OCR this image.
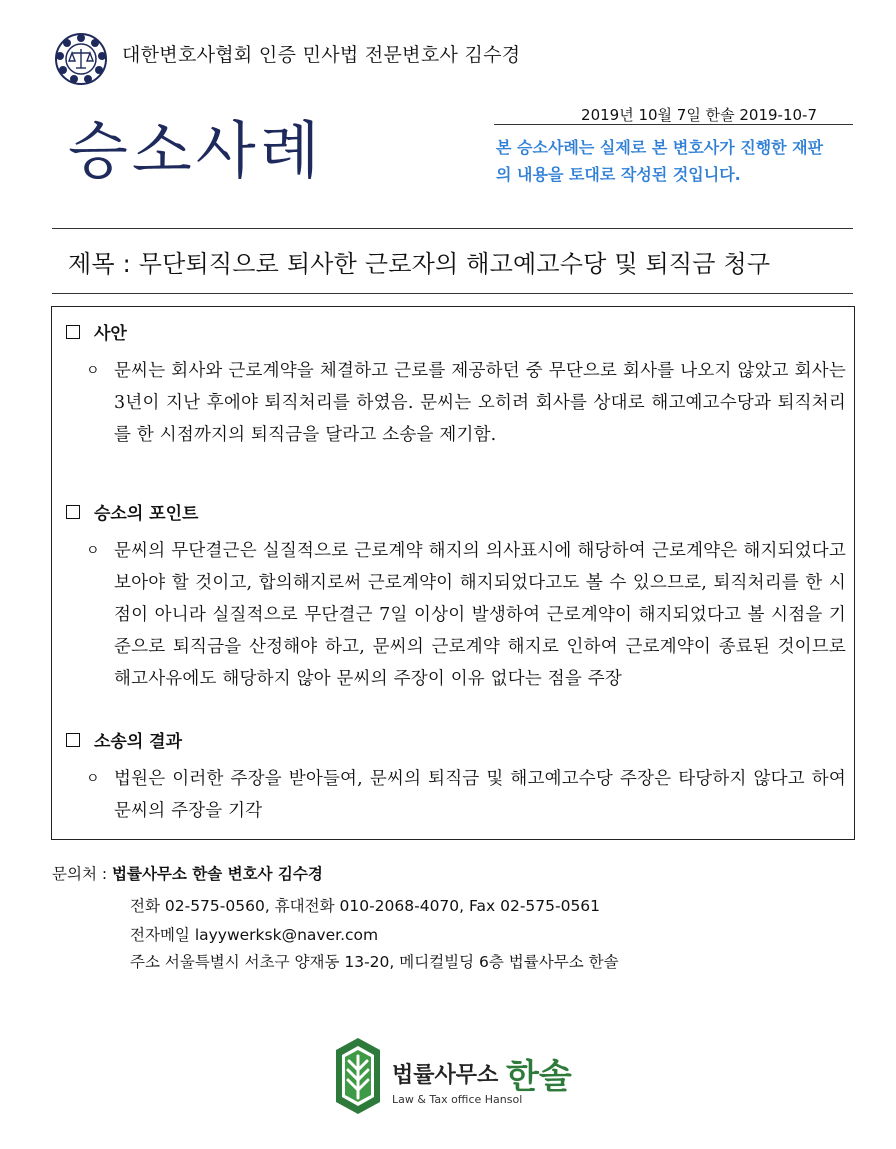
대한변호사협회 인증 민사법 전문변호사 김수경
2019년 10월 7일 한솔 2019-10-7
승소사례	본 승소사례는 실제로 본 변호사가 진행한 재판의 내용을 토대로 작성된 것입니다.
제목 : 무단퇴직으로 퇴사한 근로자의 해고예고수당 및 퇴직금 청구
사안
ㅇ 문씨는 회사와 근로계약을 체결하고 근로를 제공하던 중 무단으로 회사를 나오지 않았고 회사는 3년이 지난 후에야 퇴직처리를 하였음. 문씨는 오히려 회사를 상대로 해고예고수당과 퇴직처리를 한 시점까지의 퇴직금을 달라고 소송을 제기함.
승소의 포인트
ㅇ 문씨의 무단결근은 실질적으로 근로계약 해지의 의사표시에 해당하여 근로계약은 해지되었다고 보아야 할 것이고, 합의해지로써 근로계약이 해지되었다고도 볼 수 있으므로, 퇴직처리를 한 시점이 아니라 실질적으로 무단결근 7일 이상이 발생하여 근로계약이 해지되었다고 볼 시점을 기준으로 퇴직금을 산정해야 하고, 문씨의 근로계약 해지로 인하여 근로계약이 종료된 것이므로 해고사유에도 해당하지 않아 문씨의 주장이 이유 없다는 점을 주장
소송의 결과
ㅇ 법원은 이러한 주장을 받아들여, 문씨의 퇴직금 및 해고예고수당 주장은 타당하지 않다고 하여 문씨의 주장을 기각
문의처 : 법률사무소 한솔 변호사 김수경
전화 02-575-0560, 휴대전화 010-2068-4070, Fax 02-575-0561
전자메일 layywerksk@naver.com
주소 서울특별시 서초구 양재동 13-20, 메디컬빌딩 6층 법률사무소 한솔
법률사무소 한솔
Law & Tax office Hansol
